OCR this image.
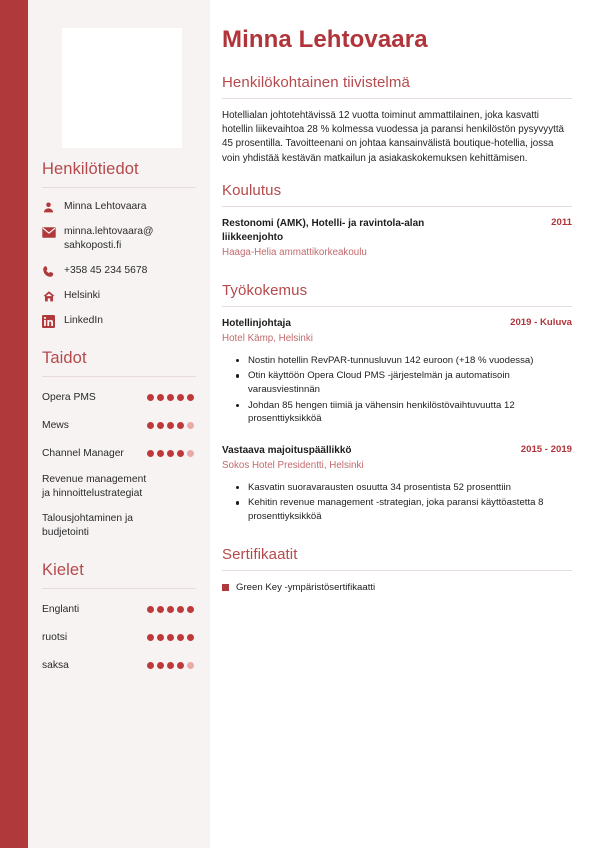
Henkilötiedot
Minna Lehtovaara
minna.lehtovaara@ sahkoposti.fi
+358 45 234 5678
Helsinki
LinkedIn
Taidot
Opera PMS
Mews
Channel Manager
Revenue management ja hinnoittelustrategiat
Talousjohtaminen ja budjetointi
Kielet
Englanti
ruotsi
saksa
Minna Lehtovaara
Henkilökohtainen tiivistelmä
Hotellialan johtotehtävissä 12 vuotta toiminut ammattilainen, joka kasvatti hotellin liikevaihtoa 28 % kolmessa vuodessa ja paransi henkilöstön pysyvyyttä 45 prosentilla. Tavoitteenani on johtaa kansainvälistä boutique-hotellia, jossa voin yhdistää kestävän matkailun ja asiakaskokemuksen kehittämisen.
Koulutus
Restonomi (AMK), Hotelli- ja ravintola-alan liikkeenjohto
2011
Haaga-Helia ammattikorkeakoulu
Työkokemus
Hotellinjohtaja	2019 - Kuluva
Hotel Kämp, Helsinki
Nostin hotellin RevPAR-tunnusluvun 142 euroon (+18 % vuodessa)
Otin käyttöön Opera Cloud PMS -järjestelmän ja automatisoin varausviestinnän
Johdan 85 hengen tiimiä ja vähensin henkilöstövaihtuvuutta 12 prosenttiyksikköä
Vastaava majoituspäällikkö	2015 - 2019
Sokos Hotel Presidentti, Helsinki
Kasvatin suoravarausten osuutta 34 prosentista 52 prosenttiin
Kehitin revenue management -strategian, joka paransi käyttöastetta 8 prosenttiyksikköä
Sertifikaatit
Green Key -ympäristösertifikaatti
